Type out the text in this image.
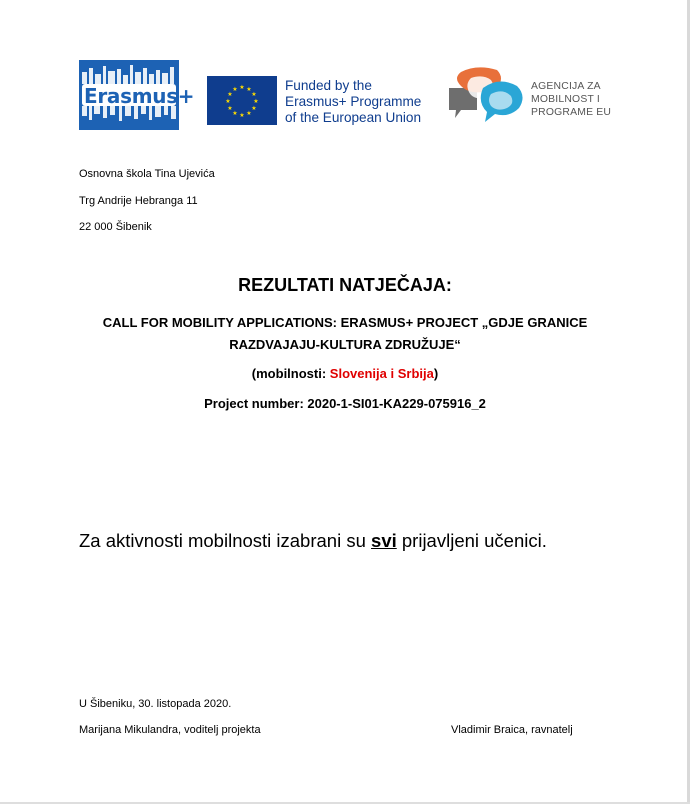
Erasmus+	★ ★
★
★
★
★
★
★
★
★
★
★	Funded by the
Erasmus+ Programme
of the European Union
AGENCIJA ZA
MOBILNOST I
PROGRAME EU
Osnovna škola Tina Ujevića
Trg Andrije Hebranga 11
22 000 Šibenik
REZULTATI NATJEČAJA:
CALL FOR MOBILITY APPLICATIONS: ERASMUS+ PROJECT „GDJE GRANICE
RAZDVAJAJU-KULTURA ZDRUŽUJE“
(mobilnosti: Slovenija i Srbija)
Project number: 2020-1-SI01-KA229-075916_2
Za aktivnosti mobilnosti izabrani su svi prijavljeni učenici.
U Šibeniku, 30. listopada 2020.
Marijana Mikulandra, voditelj projekta	Vladimir Braica, ravnatelj
